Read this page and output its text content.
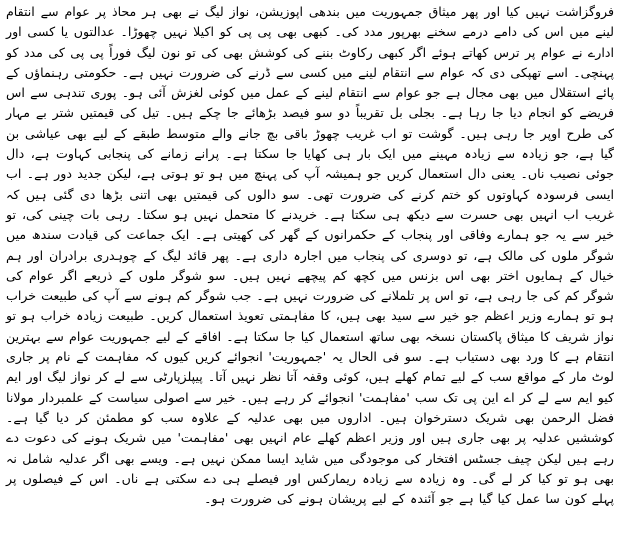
فروگزاشت نہیں کیا اور پھر میثاق جمہوریت میں بندھی اپوزیشن، نواز لیگ نے بھی ہر محاذ پر عوام سے انتقام لینے میں اس کی دامے درمے سخنے بھرپور مدد کی۔ کبھی بھی پی پی کو اکیلا نہیں چھوڑا۔ عدالتوں یا کسی اور ادارے نے عوام پر ترس کھاتے ہوئے اگر کبھی رکاوٹ بننے کی کوشش بھی کی تو نون لیگ فوراً پی پی کی مدد کو پہنچی۔ اسے تھپکی دی کہ عوام سے انتقام لینے میں کسی سے ڈرنے کی ضرورت نہیں ہے۔ حکومتی رہنماؤں کے پائے استقلال میں بھی مجال ہے جو عوام سے انتقام لینے کے عمل میں کوئی لغزش آئی ہو۔ پوری تندہی سے اس فریضے کو انجام دیا جا رہا ہے۔ بجلی بل تقریباً دو سو فیصد بڑھائے جا چکے ہیں۔ تیل کی قیمتیں شتر بے مہار کی طرح اوپر جا رہی ہیں۔ گوشت تو اب غریب چھوڑ باقی بچ جانے والے متوسط طبقے کے لیے بھی عیاشی بن گیا ہے، جو زیادہ سے زیادہ مہینے میں ایک بار ہی کھایا جا سکتا ہے۔ پرانے زمانے کی پنجابی کہاوت ہے، دال جوئی نصیب ناں۔ یعنی دال استعمال کریں جو ہمیشہ آپ کی پہنچ میں ہو تو ہوتی ہے، لیکن جدید دور ہے۔ اب ایسی فرسودہ کہاوتوں کو ختم کرنے کی ضرورت تھی۔ سو دالوں کی قیمتیں بھی اتنی بڑھا دی گئی ہیں کہ غریب اب انہیں بھی حسرت سے دیکھ ہی سکتا ہے۔ خریدنے کا متحمل نہیں ہو سکتا۔ رہی بات چینی کی، تو خیر سے یہ جو ہمارے وفاقی اور پنجاب کے حکمرانوں کے گھر کی کھیتی ہے۔ ایک جماعت کی قیادت سندھ میں شوگر ملوں کی مالک ہے، تو دوسری کی پنجاب میں اجارہ داری ہے۔ پھر قائد لیگ کے چوہدری برادران اور ہم خیال کے ہمایوں اختر بھی اس بزنس میں کچھ کم پیچھے نہیں ہیں۔ سو شوگر ملوں کے ذریعے اگر عوام کی شوگر کم کی جا رہی ہے، تو اس پر تلملانے کی ضرورت نہیں ہے۔ جب شوگر کم ہونے سے آپ کی طبیعت خراب ہو تو ہمارے وزیر اعظم جو خیر سے سید بھی ہیں، کا مفاہمتی تعویذ استعمال کریں۔ طبیعت زیادہ خراب ہو تو نواز شریف کا میثاق پاکستان نسخہ بھی ساتھ استعمال کیا جا سکتا ہے۔ افاقے کے لیے جمہوریت عوام سے بہترین انتقام ہے کا ورد بھی دستیاب ہے۔ سو فی الحال یہ 'جمہوریت' انجوائے کریں کیوں کہ مفاہمت کے نام پر جاری لوٹ مار کے مواقع سب کے لیے تمام کھلے ہیں، کوئی وقفہ آتا نظر نہیں آتا۔ پیپلزپارٹی سے لے کر نواز لیگ اور ایم کیو ایم سے لے کر اے این پی تک سب 'مفاہمت' انجوائے کر رہے ہیں۔ خیر سے اصولی سیاست کے علمبردار مولانا فضل الرحمن بھی شریک دسترخوان ہیں۔ اداروں میں بھی عدلیہ کے علاوہ سب کو مطمئن کر دیا گیا ہے۔ کوششیں عدلیہ پر بھی جاری ہیں اور وزیر اعظم کھلے عام انہیں بھی 'مفاہمت' میں شریک ہونے کی دعوت دے رہے ہیں لیکن چیف جسٹس افتخار کی موجودگی میں شاید ایسا ممکن نہیں ہے۔ ویسے بھی اگر عدلیہ شامل نہ بھی ہو تو کیا کر لے گی۔ وہ زیادہ سے زیادہ ریمارکس اور فیصلے ہی دے سکتی ہے ناں۔ اس کے فیصلوں پر پہلے کون سا عمل کیا گیا ہے جو آئندہ کے لیے پریشان ہونے کی ضرورت ہو۔
